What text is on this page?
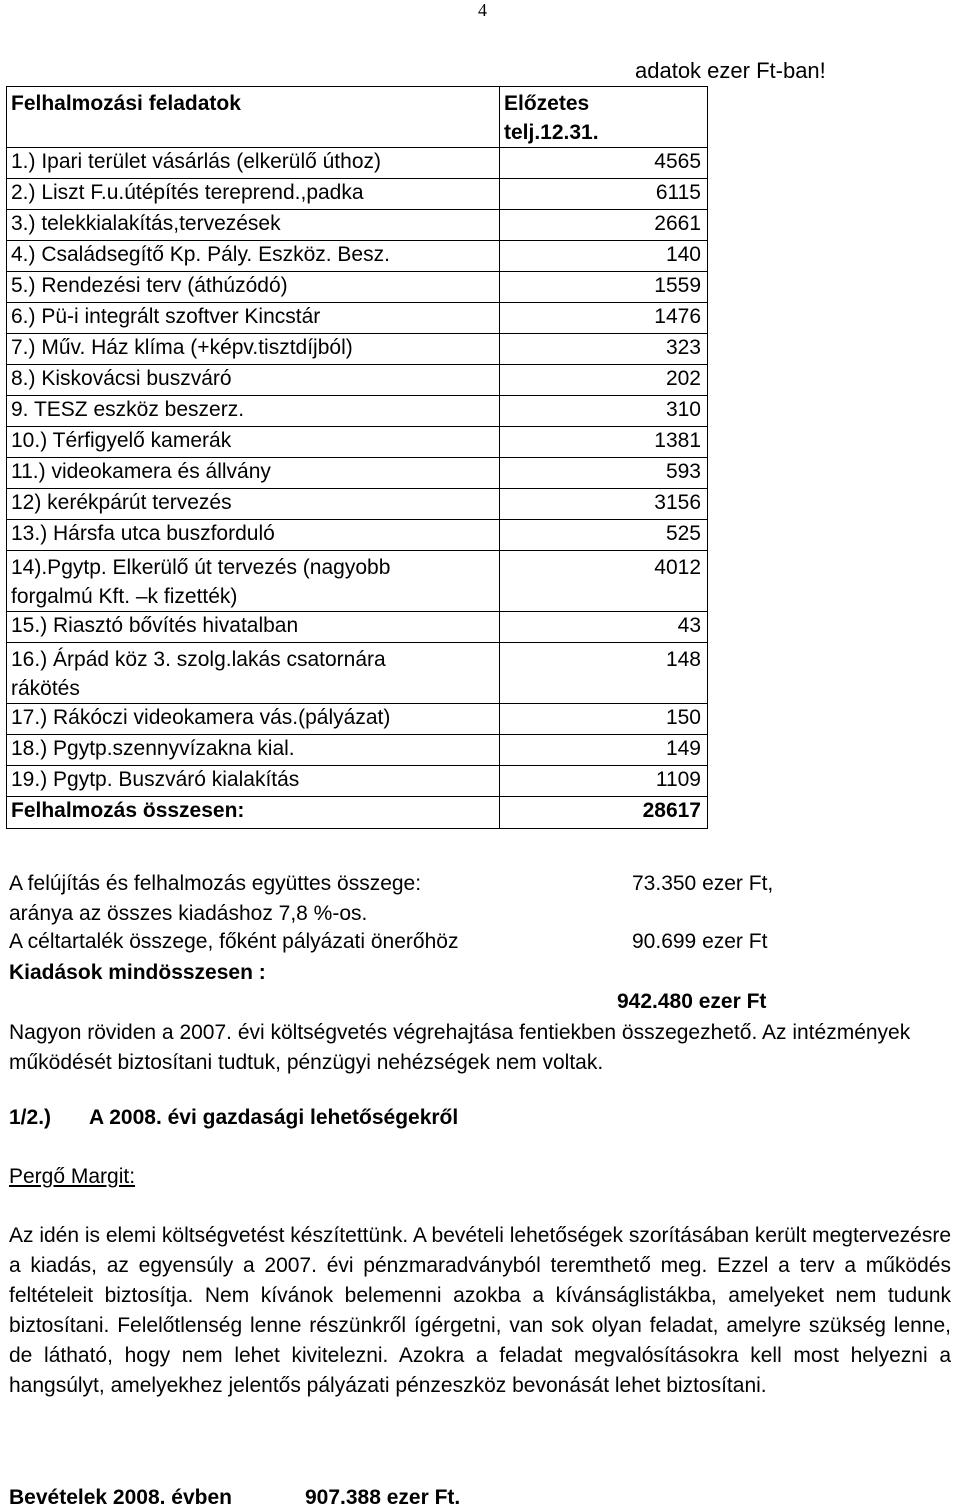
4
adatok ezer Ft-ban!
Felhalmozási feladatok	Előzetes
telj.12.31.
1.) Ipari terület vásárlás (elkerülő úthoz)	4565
2.) Liszt F.u.útépítés tereprend.,padka	6115
3.) telekkialakítás,tervezések	2661
4.) Családsegítő Kp. Pály. Eszköz. Besz.	140
5.) Rendezési terv (áthúzódó)	1559
6.) Pü-i integrált szoftver Kincstár	1476
7.) Műv. Ház klíma (+képv.tisztdíjból)	323
8.) Kiskovácsi buszváró	202
9. TESZ eszköz beszerz.	310
10.) Térfigyelő kamerák	1381
11.) videokamera és állvány	593
12) kerékpárút tervezés	3156
13.) Hársfa utca buszforduló	525
14).Pgytp. Elkerülő út tervezés (nagyobb
forgalmú Kft. –k fizették)	4012
15.) Riasztó bővítés hivatalban	43
16.) Árpád köz 3. szolg.lakás csatornára
rákötés	148
17.) Rákóczi videokamera vás.(pályázat)	150
18.) Pgytp.szennyvízakna kial.	149
19.) Pgytp. Buszváró kialakítás	1109
Felhalmozás összesen:	28617
A felújítás és felhalmozás együttes összege:	73.350 ezer Ft,
aránya az összes kiadáshoz 7,8 %-os.
A céltartalék összege, főként pályázati önerőhöz	90.699 ezer Ft
Kiadások mindösszesen :
942.480 ezer Ft
Nagyon röviden a 2007. évi költségvetés végrehajtása fentiekben összegezhető. Az intézmények működését biztosítani tudtuk, pénzügyi nehézségek nem voltak.
1/2.) A 2008. évi gazdasági lehetőségekről
Pergő Margit:
Az idén is elemi költségvetést készítettünk. A bevételi lehetőségek szorításában került megtervezésre a kiadás, az egyensúly a 2007. évi pénzmaradványból teremthető meg. Ezzel a terv a működés feltételeit biztosítja. Nem kívánok belemenni azokba a kívánságlistákba, amelyeket nem tudunk biztosítani. Felelőtlenség lenne részünkről ígérgetni, van sok olyan feladat, amelyre szükség lenne, de látható, hogy nem lehet kivitelezni. Azokra a feladat megvalósításokra kell most helyezni a hangsúlyt, amelyekhez jelentős pályázati pénzeszköz bevonását lehet biztosítani.
Bevételek 2008. évben	907.388 ezer Ft.
